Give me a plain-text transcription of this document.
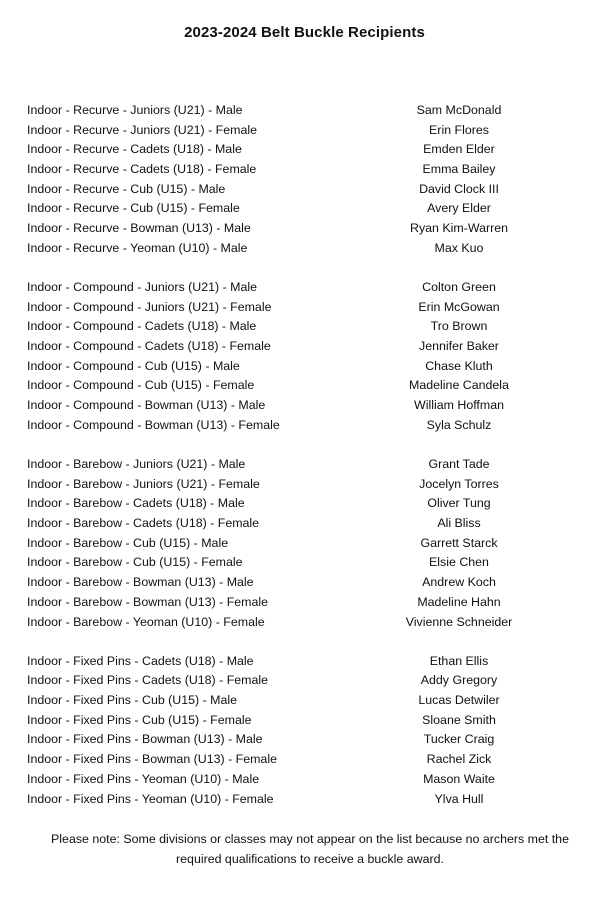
2023-2024 Belt Buckle Recipients
Indoor - Recurve - Juniors (U21) - Male	Sam McDonald
Indoor - Recurve - Juniors (U21) - Female	Erin Flores
Indoor - Recurve - Cadets (U18) - Male	Emden Elder
Indoor - Recurve - Cadets (U18) - Female	Emma Bailey
Indoor - Recurve - Cub (U15) - Male	David Clock III
Indoor - Recurve - Cub (U15) - Female	Avery Elder
Indoor - Recurve - Bowman (U13) - Male	Ryan Kim-Warren
Indoor - Recurve - Yeoman (U10) - Male	Max Kuo
Indoor - Compound - Juniors (U21) - Male	Colton Green
Indoor - Compound - Juniors (U21) - Female	Erin McGowan
Indoor - Compound - Cadets (U18) - Male	Tro Brown
Indoor - Compound - Cadets (U18) - Female	Jennifer Baker
Indoor - Compound - Cub (U15) - Male	Chase Kluth
Indoor - Compound - Cub (U15) - Female	Madeline Candela
Indoor - Compound - Bowman (U13) - Male	William Hoffman
Indoor - Compound - Bowman (U13) - Female	Syla Schulz
Indoor - Barebow - Juniors (U21) - Male	Grant Tade
Indoor - Barebow - Juniors (U21) - Female	Jocelyn Torres
Indoor - Barebow - Cadets (U18) - Male	Oliver Tung
Indoor - Barebow - Cadets (U18) - Female	Ali Bliss
Indoor - Barebow - Cub (U15) - Male	Garrett Starck
Indoor - Barebow - Cub (U15) - Female	Elsie Chen
Indoor - Barebow - Bowman (U13) - Male	Andrew Koch
Indoor - Barebow - Bowman (U13) - Female	Madeline Hahn
Indoor - Barebow - Yeoman (U10) - Female	Vivienne Schneider
Indoor - Fixed Pins - Cadets (U18) - Male	Ethan Ellis
Indoor - Fixed Pins - Cadets (U18) - Female	Addy Gregory
Indoor - Fixed Pins - Cub (U15) - Male	Lucas Detwiler
Indoor - Fixed Pins - Cub (U15) - Female	Sloane Smith
Indoor - Fixed Pins - Bowman (U13) - Male	Tucker Craig
Indoor - Fixed Pins - Bowman (U13) - Female	Rachel Zick
Indoor - Fixed Pins - Yeoman (U10) - Male	Mason Waite
Indoor - Fixed Pins - Yeoman (U10) - Female	Ylva Hull
Please note: Some divisions or classes may not appear on the list because no archers met the
required qualifications to receive a buckle award.
